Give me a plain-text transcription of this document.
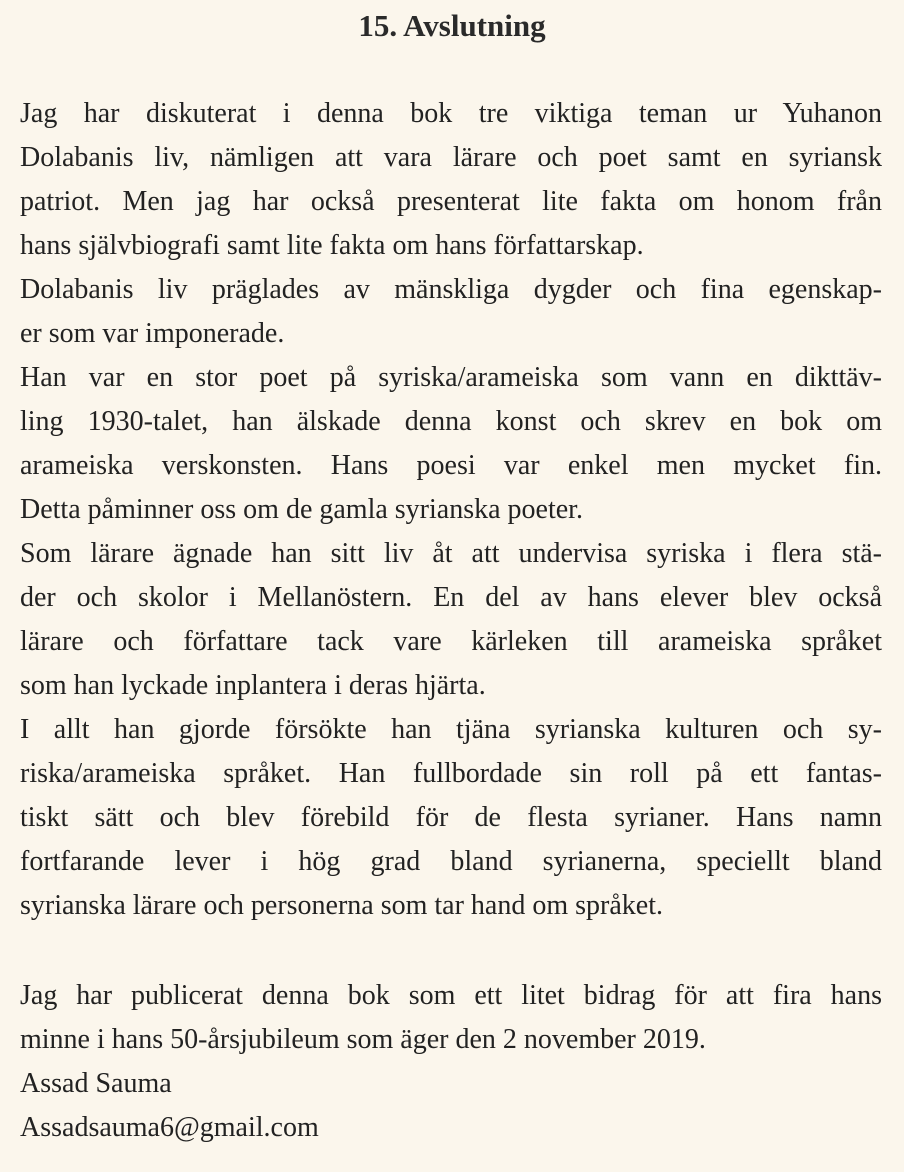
15. Avslutning
Jag har diskuterat i denna bok tre viktiga teman ur Yuhanon
Dolabanis liv, nämligen att vara lärare och poet samt en syriansk
patriot. Men jag har också presenterat lite fakta om honom från
hans självbiografi samt lite fakta om hans författarskap.
Dolabanis liv präglades av mänskliga dygder och fina egenskap-
er som var imponerade.
Han var en stor poet på syriska/arameiska som vann en dikttäv-
ling 1930-talet, han älskade denna konst och skrev en bok om
arameiska verskonsten. Hans poesi var enkel men mycket fin.
Detta påminner oss om de gamla syrianska poeter.
Som lärare ägnade han sitt liv åt att undervisa syriska i flera stä-
der och skolor i Mellanöstern. En del av hans elever blev också
lärare och författare tack vare kärleken till arameiska språket
som han lyckade inplantera i deras hjärta.
I allt han gjorde försökte han tjäna syrianska kulturen och sy-
riska/arameiska språket. Han fullbordade sin roll på ett fantas-
tiskt sätt och blev förebild för de flesta syrianer. Hans namn
fortfarande lever i hög grad bland syrianerna, speciellt bland
syrianska lärare och personerna som tar hand om språket.
Jag har publicerat denna bok som ett litet bidrag för att fira hans
minne i hans 50-årsjubileum som äger den 2 november 2019.
Assad Sauma
Assadsauma6@gmail.com
